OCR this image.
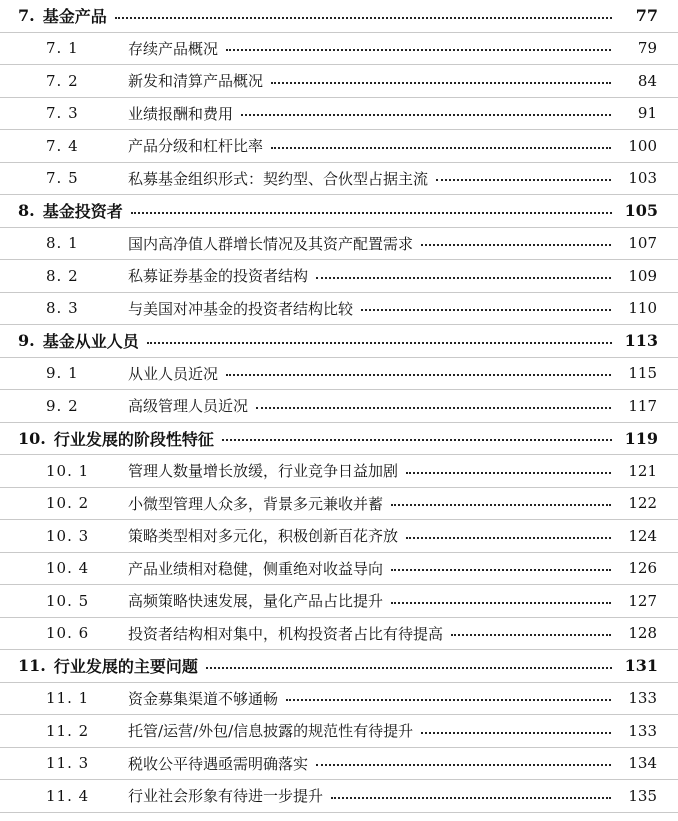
7. 基金产品	77
7. 1	存续产品概况	79
7. 2	新发和清算产品概况	84
7. 3	业绩报酬和费用	91
7. 4	产品分级和杠杆比率	100
7. 5	私募基金组织形式：契约型、合伙型占据主流	103
8. 基金投资者	105
8. 1	国内高净值人群增长情况及其资产配置需求	107
8. 2	私募证券基金的投资者结构	109
8. 3	与美国对冲基金的投资者结构比较	110
9. 基金从业人员	113
9. 1	从业人员近况	115
9. 2	高级管理人员近况	117
10. 行业发展的阶段性特征	119
10. 1	管理人数量增长放缓，行业竞争日益加剧	121
10. 2	小微型管理人众多，背景多元兼收并蓄	122
10. 3	策略类型相对多元化，积极创新百花齐放	124
10. 4	产品业绩相对稳健，侧重绝对收益导向	126
10. 5	高频策略快速发展，量化产品占比提升	127
10. 6	投资者结构相对集中，机构投资者占比有待提高	128
11. 行业发展的主要问题	131
11. 1	资金募集渠道不够通畅	133
11. 2	托管/运营/外包/信息披露的规范性有待提升	133
11. 3	税收公平待遇亟需明确落实	134
11. 4	行业社会形象有待进一步提升	135
